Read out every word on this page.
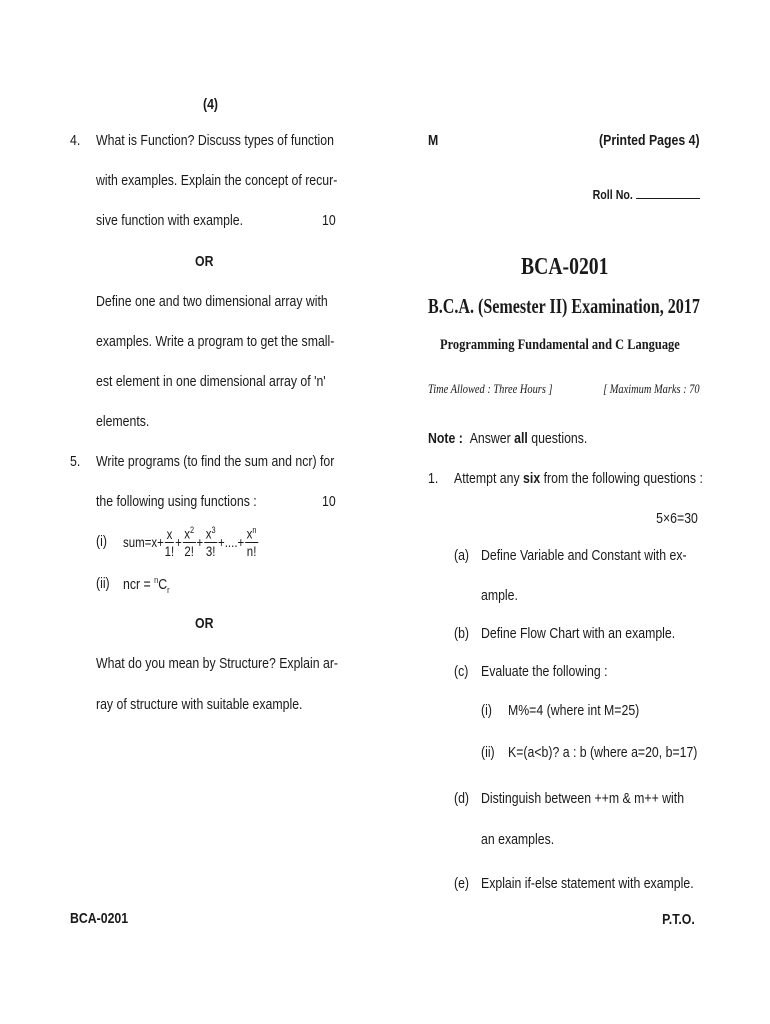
(4)
4. What is Function? Discuss types of function
with examples. Explain the concept of recur-
sive function with example.	10
OR
Define one and two dimensional array with
examples. Write a program to get the small-
est element in one dimensional array of 'n'
elements.
5. Write programs (to find the sum and ncr) for
the following using functions :	10
(i) $sum=x+ \frac{x}{1!} + \frac{x^2}{2!} + \frac{x^3}{3!}$ +....+ $\frac{x^n}{n!}$
(ii) ncr = $^nC_r$
OR
What do you mean by Structure? Explain ar-
ray of structure with suitable example.
BCA-0201
M	(Printed Pages 4)
Roll No.
BCA-0201
B.C.A. (Semester II) Examination, 2017
Programming Fundamental and C Language
Time Allowed : Three Hours ]	[ Maximum Marks : 70
Note : Answer all questions.
1. Attempt any six from the following questions :
5×6=30
(a) Define Variable and Constant with ex-
ample.
(b) Define Flow Chart with an example.
(c) Evaluate the following :
(i) M%=4 (where int M=25)
(ii) K=(a<b)? a : b (where a=20, b=17)
(d) Distinguish between ++m & m++ with
an examples.
(e) Explain if-else statement with example.
P.T.O.
